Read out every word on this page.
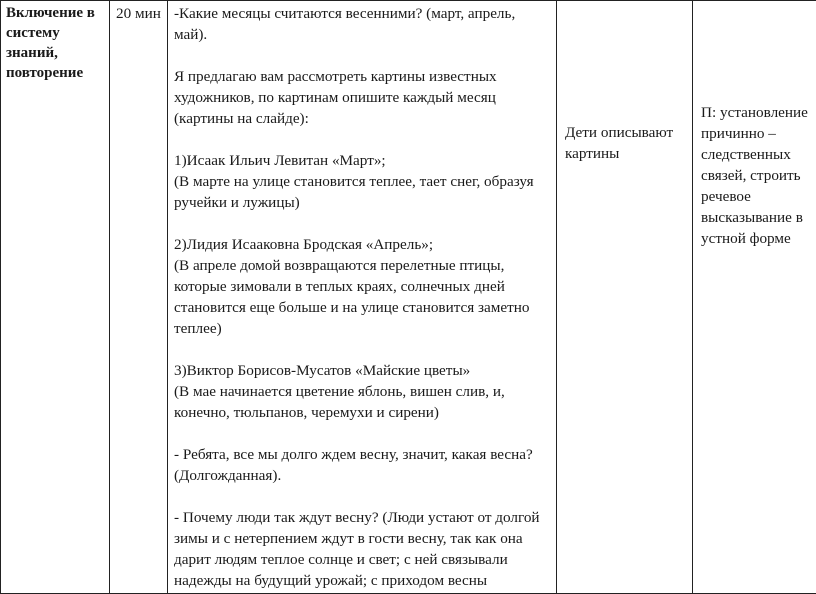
Включение в систему знаний, повторение	20 мин	-Какие месяцы считаются весенними? (март, апрель, май).

Я предлагаю вам рассмотреть картины известных художников, по картинам опишите каждый месяц (картины на слайде):

1)Исаак Ильич Левитан «Март»;

(В марте на улице становится теплее, тает снег, образуя ручейки и лужицы)

2)Лидия Исааковна Бродская «Апрель»;

(В апреле домой возвращаются перелетные птицы, которые зимовали в теплых краях, солнечных дней становится еще больше и на улице становится заметно теплее)

3)Виктор Борисов-Мусатов «Майские цветы»

(В мае начинается цветение яблонь, вишен слив, и, конечно, тюльпанов, черемухи и сирени)

- Ребята, все мы долго ждем весну, значит, какая весна? (Долгожданная).

- Почему люди так ждут весну? (Люди устают от долгой зимы и с нетерпением ждут в гости весну, так как она дарит людям теплое солнце и свет; с ней связывали надежды на будущий урожай; с приходом весны

	Дети описывают картины	П: установление причинно – следственных связей, строить речевое высказывание в устной форме
